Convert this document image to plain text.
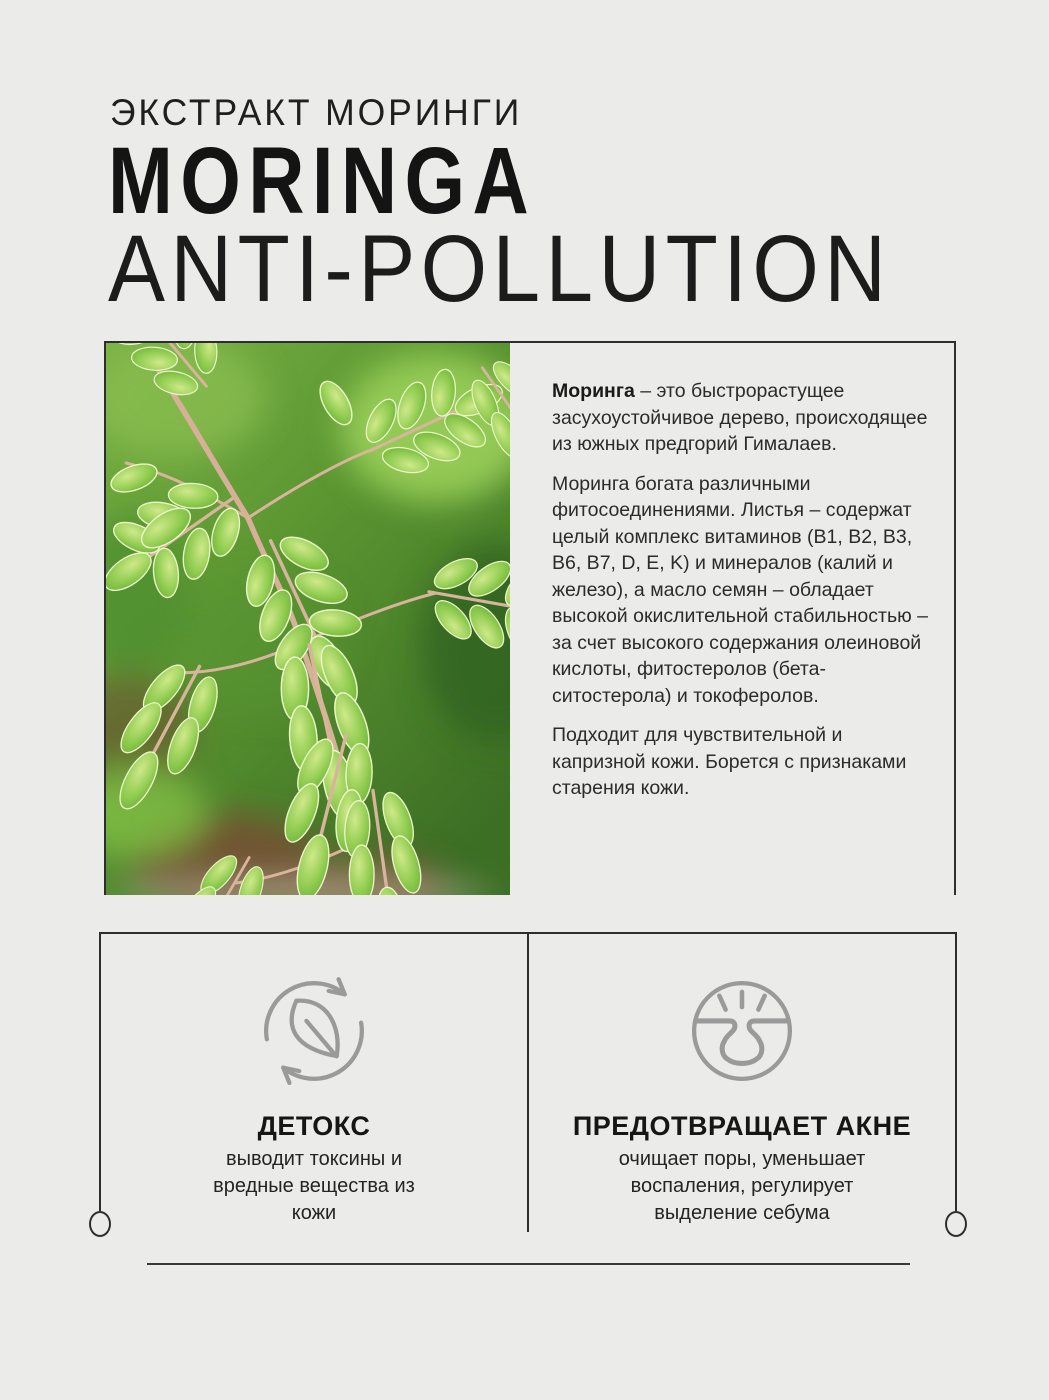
ЭКСТРАКТ МОРИНГИ
MORINGA
ANTI-POLLUTION

Моринга – это быстрорастущее засухоустойчивое дерево, происходящее из южных предгорий Гималаев.

Моринга богата различными фитосоединениями. Листья – содержат целый комплекс витаминов (B1, B2, B3, B6, B7, D, E, K) и минералов (калий и железо), а масло семян – обладает высокой окислительной стабильностью – за счет высокого содержания олеиновой кислоты, фитостеролов (бета-ситостерола) и токоферолов.

Подходит для чувствительной и капризной кожи. Борется с признаками старения кожи.

ДЕТОКС
выводит токсины и вредные вещества из кожи
ПРЕДОТВРАЩАЕТ АКНЕ
очищает поры, уменьшает воспаления, регулирует выделение себума
